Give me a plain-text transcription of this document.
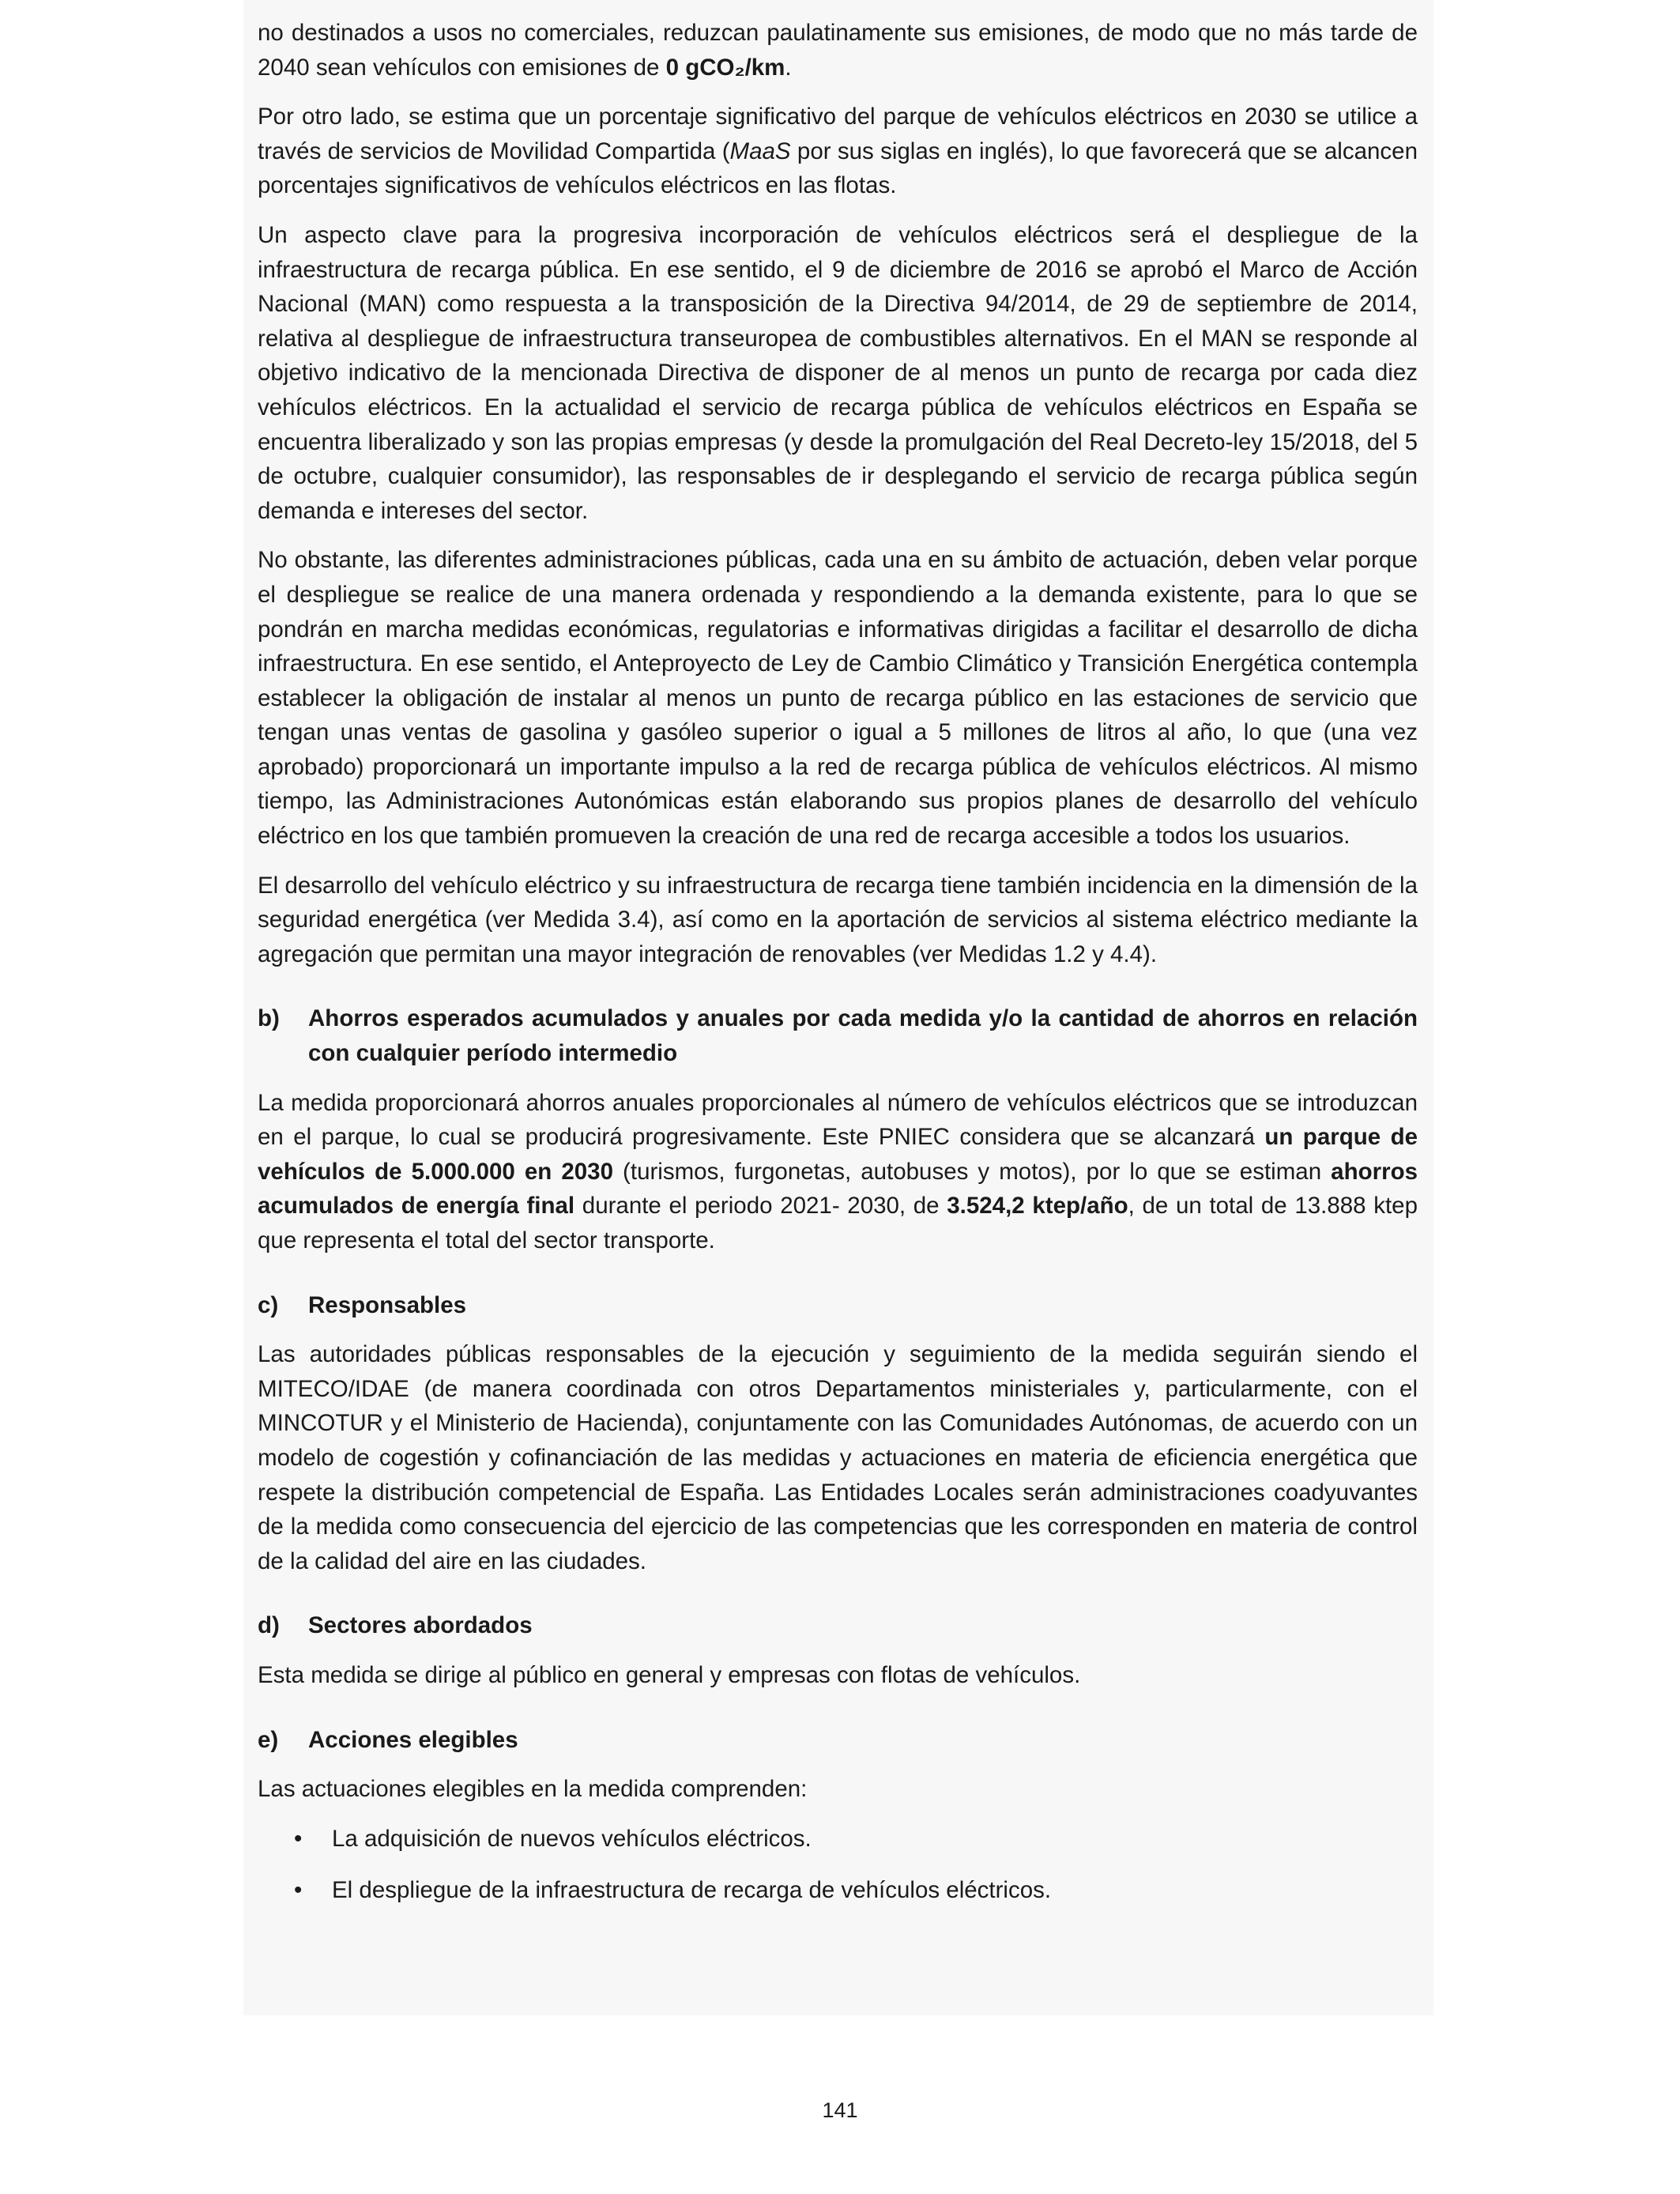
no destinados a usos no comerciales, reduzcan paulatinamente sus emisiones, de modo que no más tarde de 2040 sean vehículos con emisiones de 0 gCO₂/km.

Por otro lado, se estima que un porcentaje significativo del parque de vehículos eléctricos en 2030 se utilice a través de servicios de Movilidad Compartida (MaaS por sus siglas en inglés), lo que favorecerá que se alcancen porcentajes significativos de vehículos eléctricos en las flotas.

Un aspecto clave para la progresiva incorporación de vehículos eléctricos será el despliegue de la infraestructura de recarga pública. En ese sentido, el 9 de diciembre de 2016 se aprobó el Marco de Acción Nacional (MAN) como respuesta a la transposición de la Directiva 94/2014, de 29 de septiembre de 2014, relativa al despliegue de infraestructura transeuropea de combustibles alternativos. En el MAN se responde al objetivo indicativo de la mencionada Directiva de disponer de al menos un punto de recarga por cada diez vehículos eléctricos. En la actualidad el servicio de recarga pública de vehículos eléctricos en España se encuentra liberalizado y son las propias empresas (y desde la promulgación del Real Decreto-ley 15/2018, del 5 de octubre, cualquier consumidor), las responsables de ir desplegando el servicio de recarga pública según demanda e intereses del sector.

No obstante, las diferentes administraciones públicas, cada una en su ámbito de actuación, deben velar porque el despliegue se realice de una manera ordenada y respondiendo a la demanda existente, para lo que se pondrán en marcha medidas económicas, regulatorias e informativas dirigidas a facilitar el desarrollo de dicha infraestructura. En ese sentido, el Anteproyecto de Ley de Cambio Climático y Transición Energética contempla establecer la obligación de instalar al menos un punto de recarga público en las estaciones de servicio que tengan unas ventas de gasolina y gasóleo superior o igual a 5 millones de litros al año, lo que (una vez aprobado) proporcionará un importante impulso a la red de recarga pública de vehículos eléctricos. Al mismo tiempo, las Administraciones Autonómicas están elaborando sus propios planes de desarrollo del vehículo eléctrico en los que también promueven la creación de una red de recarga accesible a todos los usuarios.

El desarrollo del vehículo eléctrico y su infraestructura de recarga tiene también incidencia en la dimensión de la seguridad energética (ver Medida 3.4), así como en la aportación de servicios al sistema eléctrico mediante la agregación que permitan una mayor integración de renovables (ver Medidas 1.2 y 4.4).

b)	Ahorros esperados acumulados y anuales por cada medida y/o la cantidad de ahorros en relación con cualquier período intermedio

La medida proporcionará ahorros anuales proporcionales al número de vehículos eléctricos que se introduzcan en el parque, lo cual se producirá progresivamente. Este PNIEC considera que se alcanzará un parque de vehículos de 5.000.000 en 2030 (turismos, furgonetas, autobuses y motos), por lo que se estiman ahorros acumulados de energía final durante el periodo 2021- 2030, de 3.524,2 ktep/año, de un total de 13.888 ktep que representa el total del sector transporte.

c)	Responsables

Las autoridades públicas responsables de la ejecución y seguimiento de la medida seguirán siendo el MITECO/IDAE (de manera coordinada con otros Departamentos ministeriales y, particularmente, con el MINCOTUR y el Ministerio de Hacienda), conjuntamente con las Comunidades Autónomas, de acuerdo con un modelo de cogestión y cofinanciación de las medidas y actuaciones en materia de eficiencia energética que respete la distribución competencial de España. Las Entidades Locales serán administraciones coadyuvantes de la medida como consecuencia del ejercicio de las competencias que les corresponden en materia de control de la calidad del aire en las ciudades.

d)	Sectores abordados

Esta medida se dirige al público en general y empresas con flotas de vehículos.

e)	Acciones elegibles

Las actuaciones elegibles en la medida comprenden:

•	La adquisición de nuevos vehículos eléctricos.
•	El despliegue de la infraestructura de recarga de vehículos eléctricos.
141
